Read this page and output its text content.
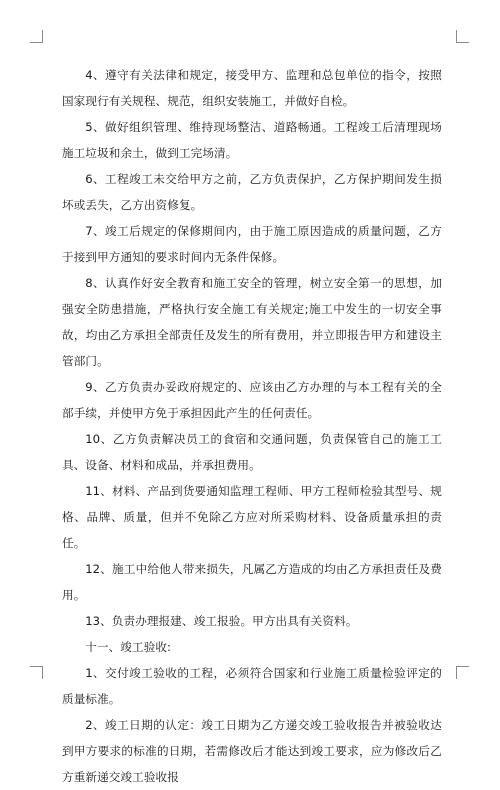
4、遵守有关法律和规定，接受甲方、监理和总包单位的指令，按照国家现行有关规程、规范，组织安装施工，并做好自检。

5、做好组织管理、维持现场整洁、道路畅通。工程竣工后清理现场施工垃圾和余土，做到工完场清。

6、工程竣工未交给甲方之前，乙方负责保护，乙方保护期间发生损坏或丢失，乙方出资修复。

7、竣工后规定的保修期间内，由于施工原因造成的质量问题，乙方于接到甲方通知的要求时间内无条件保修。

8、认真作好安全教育和施工安全的管理，树立安全第一的思想，加强安全防患措施，严格执行安全施工有关规定;施工中发生的一切安全事故，均由乙方承担全部责任及发生的所有费用，并立即报告甲方和建设主管部门。

9、乙方负责办妥政府规定的、应该由乙方办理的与本工程有关的全部手续，并使甲方免于承担因此产生的任何责任。

10、乙方负责解决员工的食宿和交通问题，负责保管自己的施工工具、设备、材料和成品，并承担费用。

11、材料、产品到货要通知监理工程师、甲方工程师检验其型号、规格、品牌、质量，但并不免除乙方应对所采购材料、设备质量承担的责任。

12、施工中给他人带来损失，凡属乙方造成的均由乙方承担责任及费用。

13、负责办理报建、竣工报验。甲方出具有关资料。

十一、竣工验收:

1、交付竣工验收的工程，必须符合国家和行业施工质量检验评定的质量标准。

2、竣工日期的认定：竣工日期为乙方递交竣工验收报告并被验收达到甲方要求的标准的日期，若需修改后才能达到竣工要求，应为修改后乙方重新递交竣工验收报
